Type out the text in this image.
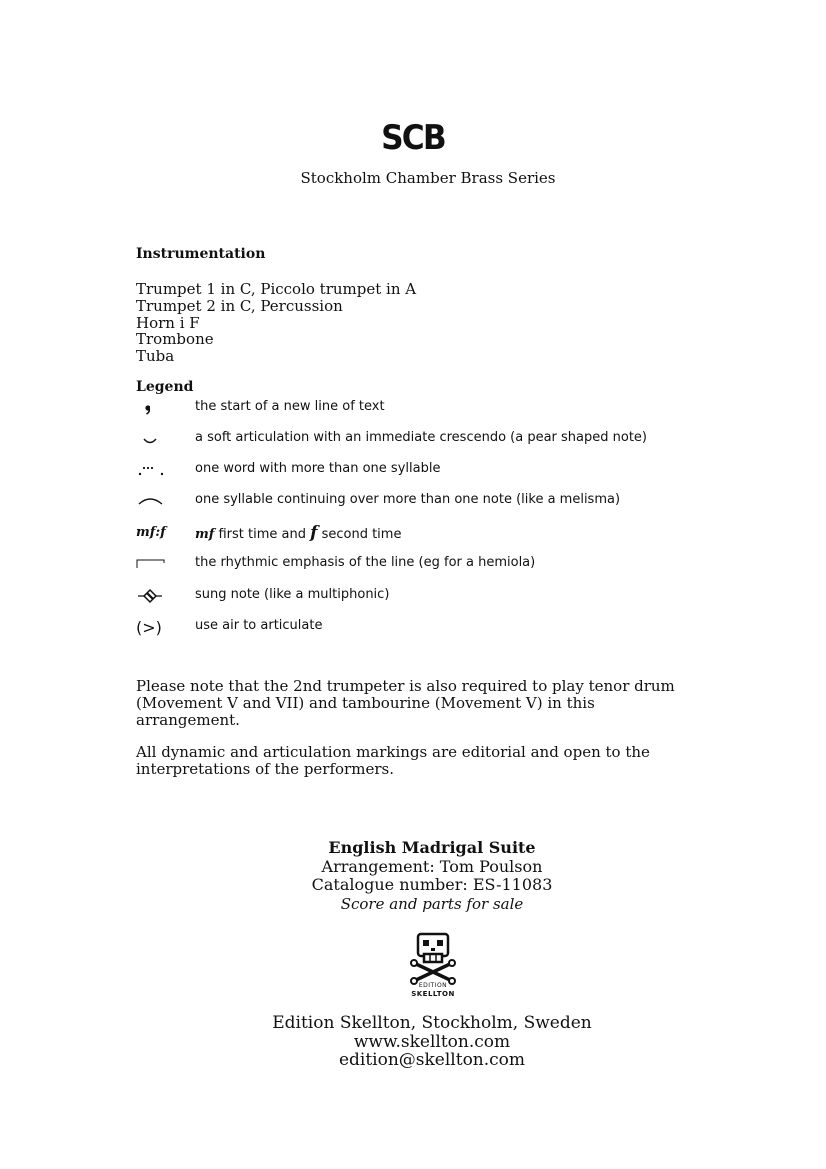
SCB
Stockholm Chamber Brass Series
Instrumentation
Trumpet 1 in C, Piccolo trumpet in A
Trumpet 2 in C, Percussion
Horn i F
Trombone
Tuba
Legend
the start of a new line of text
a soft articulation with an immediate crescendo (a pear shaped note)
one word with more than one syllable
one syllable continuing over more than one note (like a melisma)
mf:f	mf first time and f second time
the rhythmic emphasis of the line (eg for a hemiola)
sung note (like a multiphonic)
(>)	use air to articulate
Please note that the 2nd trumpeter is also required to play tenor drum
(Movement V and VII) and tambourine (Movement V) in this arrangement.
All dynamic and articulation markings are editorial and open to the
interpretations of the performers.
English Madrigal Suite
Arrangement: Tom Poulson
Catalogue number: ES-11083
Score and parts for sale
EDITION
SKELLTON
Edition Skellton, Stockholm, Sweden
www.skellton.com
edition@skellton.com
